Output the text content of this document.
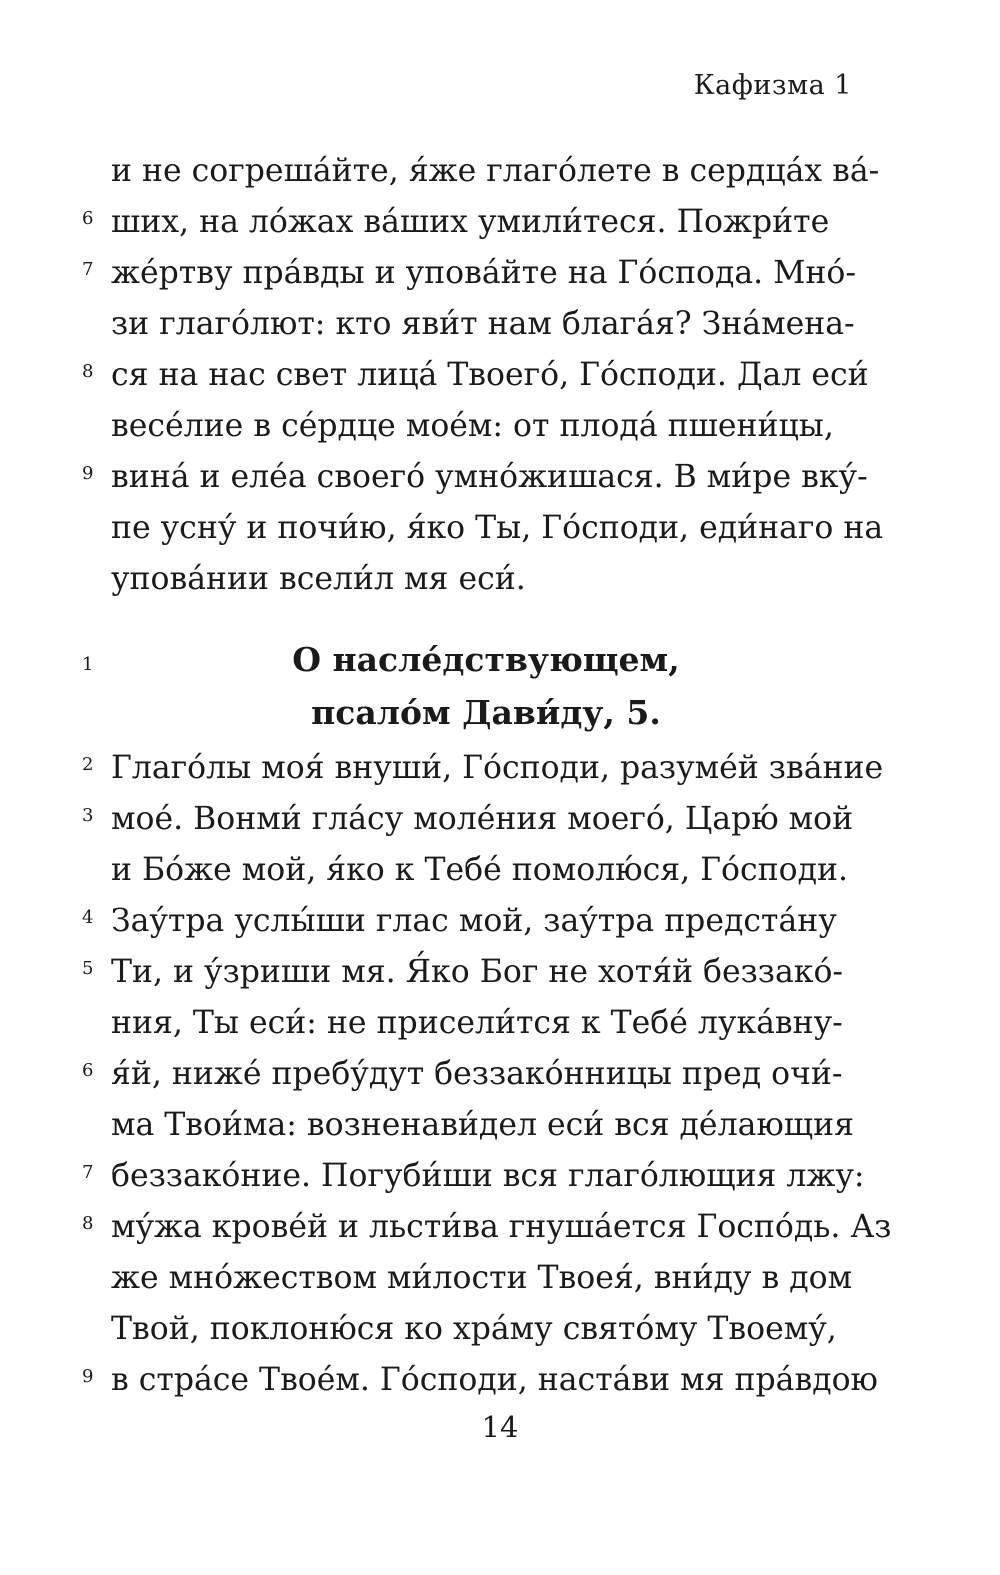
Кафизма 1
и не согреша́йте, я́же глаго́лете в сердца́х ва́-
ших, на ло́жах ва́ших умили́теся. Пожри́те
же́ртву пра́вды и упова́йте на Го́спода. Мно́-
зи глаго́лют: кто яви́т нам блага́я? Зна́мена-
ся на нас свет лица́ Твоего́, Го́споди. Дал еси́
весе́лие в се́рдце мое́м: от плода́ пшени́цы,
вина́ и еле́а своего́ умно́жишася. В ми́ре вку́-
пе усну́ и почи́ю, я́ко Ты, Го́споди, еди́наго на
упова́нии всели́л мя еси́.
6
7
8
9
1	О насле́дствующем,
псало́м Дави́ду, 5.
Глаго́лы моя́ внуши́, Го́споди, разуме́й зва́ние
мое́. Вонми́ гла́су моле́ния моего́, Царю́ мой
и Бо́же мой, я́ко к Тебе́ помолю́ся, Го́споди.
Зау́тра услы́ши глас мой, зау́тра предста́ну
Ти, и у́зриши мя. Я́ко Бог не хотя́й беззако́-
ния, Ты еси́: не присели́тся к Тебе́ лука́вну-
я́й, ниже́ пребу́дут беззако́нницы пред очи́-
ма Твои́ма: возненави́дел еси́ вся де́лающия
беззако́ние. Погуби́ши вся глаго́лющия лжу:
му́жа крове́й и льсти́ва гнуша́ется Госпо́дь. Аз
же мно́жеством ми́лости Твоея́, вни́ду в дом
Твой, поклоню́ся ко хра́му свято́му Твоему́,
в стра́се Твое́м. Го́споди, наста́ви мя пра́вдою
2
3
4
5
6
7
8
9
14
